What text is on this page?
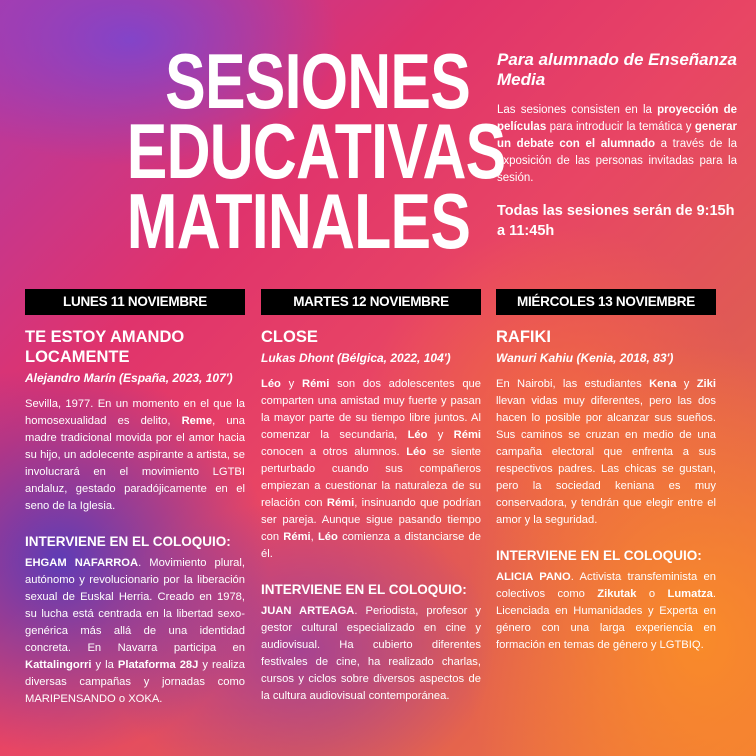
SESIONES
EDUCATIVAS
MATINALES
Para alumnado de Enseñanza Media

Las sesiones consisten en la proyección de películas para introducir la temática y generar un debate con el alumnado a través de la exposición de las personas invitadas para la sesión.

Todas las sesiones serán de 9:15h a 11:45h
LUNES 11 NOVIEMBRE
TE ESTOY AMANDO LOCAMENTE
Alejandro Marín (España, 2023, 107')

Sevilla, 1977. En un momento en el que la homosexualidad es delito, Reme, una madre tradicional movida por el amor hacia su hijo, un adolecente aspirante a artista, se involucrará en el movimiento LGTBI andaluz, gestado paradójicamente en el seno de la Iglesia.

INTERVIENE EN EL COLOQUIO:

EHGAM NAFARROA. Movimiento plural, autónomo y revolucionario por la liberación sexual de Euskal Herria. Creado en 1978, su lucha está centrada en la libertad sexo-genérica más allá de una identidad concreta. En Navarra participa en Kattalingorri y la Plataforma 28J y realiza diversas campañas y jornadas como MARIPENSANDO o XOKA.

MARTES 12 NOVIEMBRE
CLOSE
Lukas Dhont (Bélgica, 2022, 104')

Léo y Rémi son dos adolescentes que comparten una amistad muy fuerte y pasan la mayor parte de su tiempo libre juntos. Al comenzar la secundaria, Léo y Rémi conocen a otros alumnos. Léo se siente perturbado cuando sus compañeros empiezan a cuestionar la naturaleza de su relación con Rémi, insinuando que podrían ser pareja. Aunque sigue pasando tiempo con Rémi, Léo comienza a distanciarse de él.

INTERVIENE EN EL COLOQUIO:

JUAN ARTEAGA. Periodista, profesor y gestor cultural especializado en cine y audiovisual. Ha cubierto diferentes festivales de cine, ha realizado charlas, cursos y ciclos sobre diversos aspectos de la cultura audiovisual contemporánea.

MIÉRCOLES 13 NOVIEMBRE
RAFIKI
Wanuri Kahiu (Kenia, 2018, 83')

En Nairobi, las estudiantes Kena y Ziki llevan vidas muy diferentes, pero las dos hacen lo posible por alcanzar sus sueños. Sus caminos se cruzan en medio de una campaña electoral que enfrenta a sus respectivos padres. Las chicas se gustan, pero la sociedad keniana es muy conservadora, y tendrán que elegir entre el amor y la seguridad.

INTERVIENE EN EL COLOQUIO:

ALICIA PANO. Activista transfeminista en colectivos como Zikutak o Lumatza. Licenciada en Humanidades y Experta en género con una larga experiencia en formación en temas de género y LGTBIQ.
